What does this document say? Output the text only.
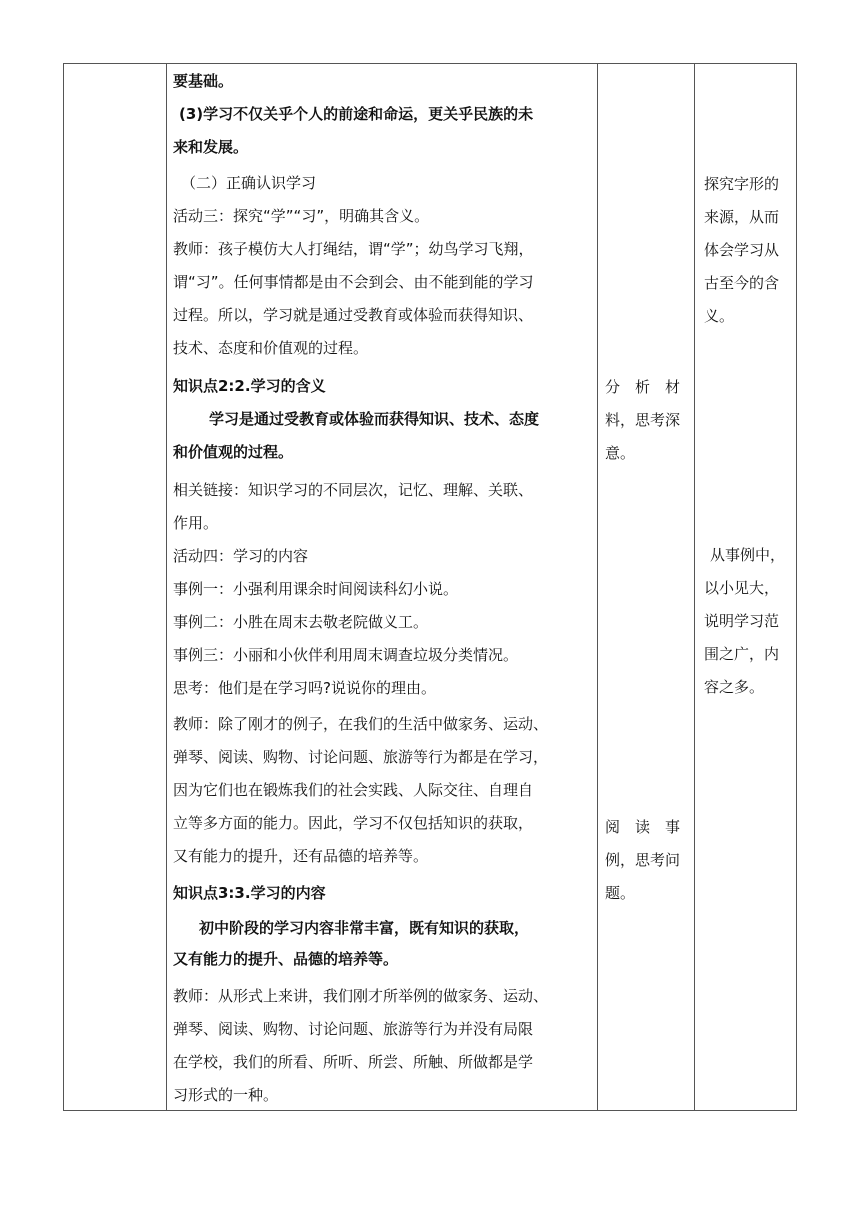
要基础。
(3)学习不仅关乎个人的前途和命运，更关乎民族的未
来和发展。
（二）正确认识学习
活动三：探究“学”“习”，明确其含义。
教师：孩子模仿大人打绳结，谓“学”；幼鸟学习飞翔，
谓“习”。任何事情都是由不会到会、由不能到能的学习
过程。所以，学习就是通过受教育或体验而获得知识、
技术、态度和价值观的过程。
知识点2:2.学习的含义
学习是通过受教育或体验而获得知识、技术、态度
和价值观的过程。
相关链接：知识学习的不同层次，记忆、理解、关联、
作用。
活动四：学习的内容
事例一：小强利用课余时间阅读科幻小说。
事例二：小胜在周末去敬老院做义工。
事例三：小丽和小伙伴利用周末调查垃圾分类情况。
思考：他们是在学习吗?说说你的理由。
教师：除了刚才的例子，在我们的生活中做家务、运动、
弹琴、阅读、购物、讨论问题、旅游等行为都是在学习，
因为它们也在锻炼我们的社会实践、人际交往、自理自
立等多方面的能力。因此，学习不仅包括知识的获取，
又有能力的提升，还有品德的培养等。
知识点3:3.学习的内容
初中阶段的学习内容非常丰富，既有知识的获取，
又有能力的提升、品德的培养等。
教师：从形式上来讲，我们刚才所举例的做家务、运动、
弹琴、阅读、购物、讨论问题、旅游等行为并没有局限
在学校，我们的所看、所听、所尝、所触、所做都是学
习形式的一种。
分　析　材
料，思考深
意。
阅　读　事
例，思考问
题。
探究字形的
来源，从而
体会学习从
古至今的含
义。
从事例中，
以小见大，
说明学习范
围之广，内
容之多。
